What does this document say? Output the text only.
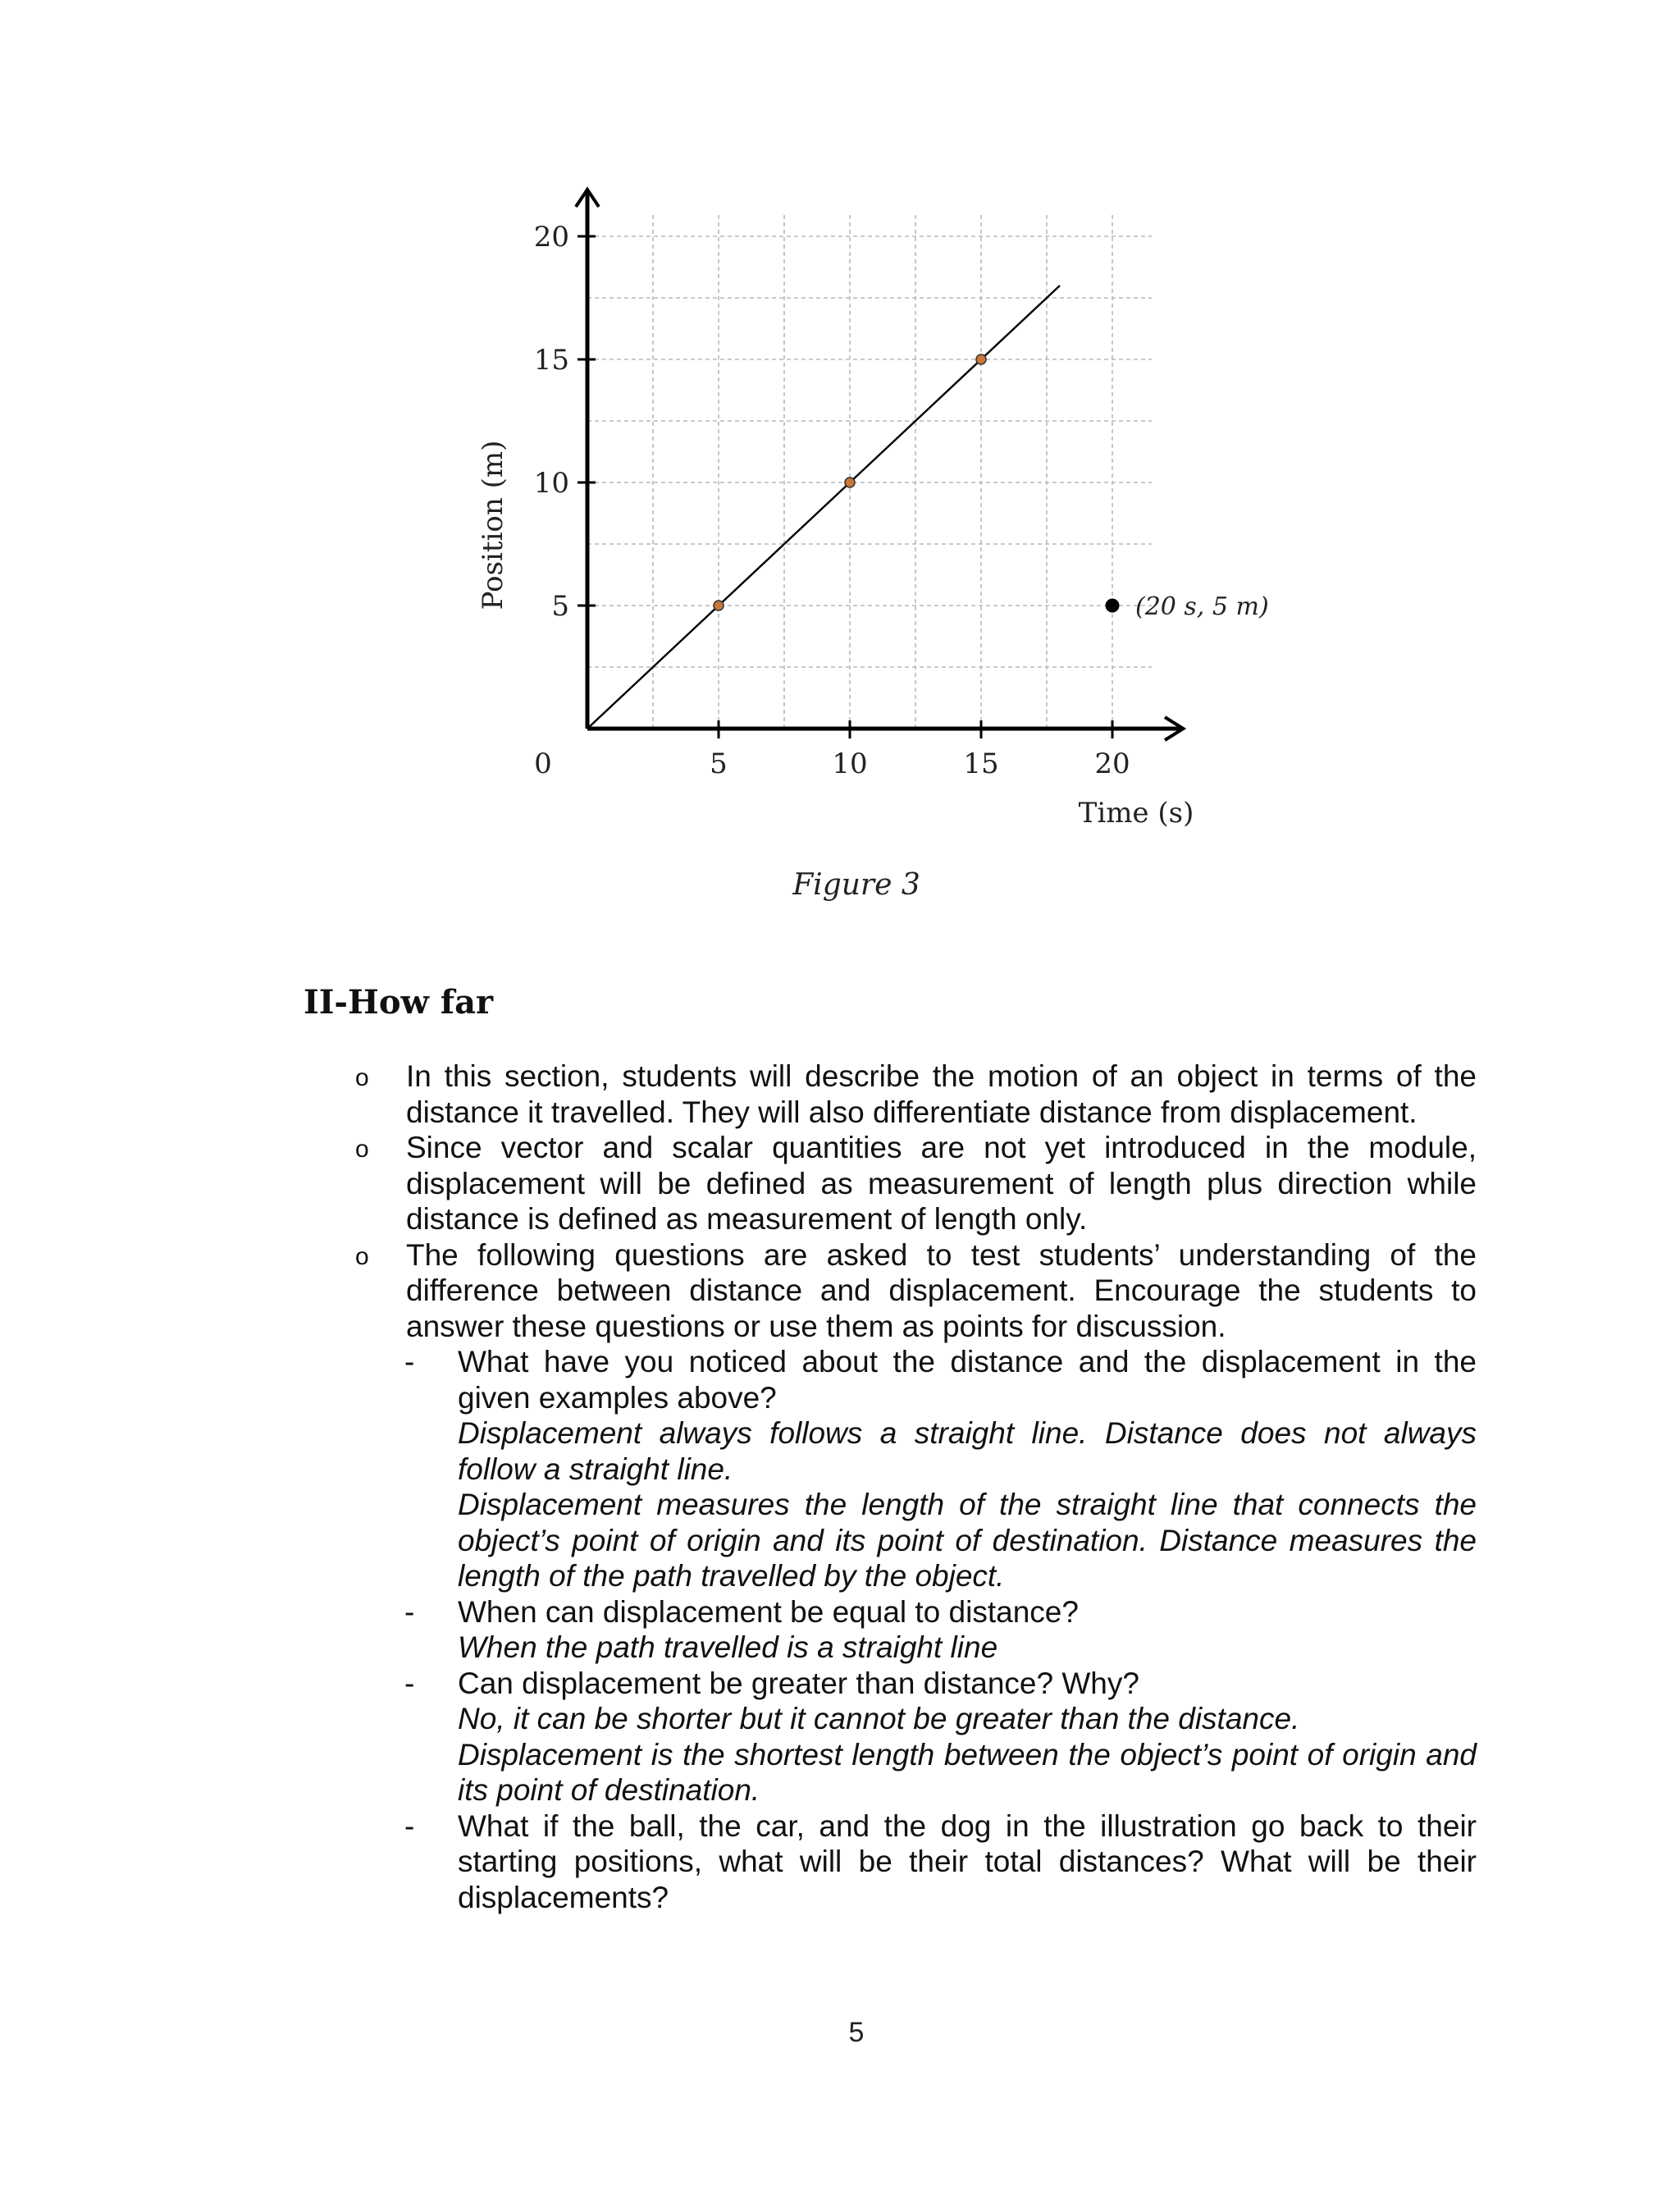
0	5	10	15	20
5
10
15
20
Time (s)
Position (m)	(20 s, 5 m)
Figure 3
II-How far
o In this section, students will describe the motion of an object in terms of the distance it travelled. They will also differentiate distance from displacement.
o Since vector and scalar quantities are not yet introduced in the module, displacement will be defined as measurement of length plus direction while distance is defined as measurement of length only.
o The following questions are asked to test students’ understanding of the difference between distance and displacement. Encourage the students to answer these questions or use them as points for discussion.
- What have you noticed about the distance and the displacement in the given examples above?
Displacement always follows a straight line. Distance does not always follow a straight line.
Displacement measures the length of the straight line that connects the object’s point of origin and its point of destination. Distance measures the length of the path travelled by the object.
- When can displacement be equal to distance?
When the path travelled is a straight line
- Can displacement be greater than distance? Why?
No, it can be shorter but it cannot be greater than the distance.
Displacement is the shortest length between the object’s point of origin and its point of destination.
- What if the ball, the car, and the dog in the illustration go back to their starting positions, what will be their total distances? What will be their displacements?
5
